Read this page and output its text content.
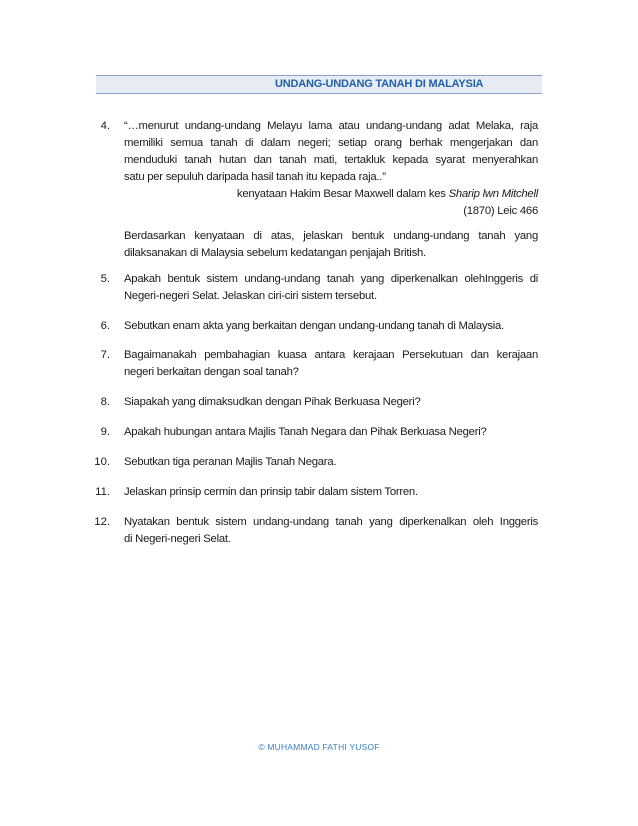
UNDANG-UNDANG TANAH DI MALAYSIA
4. “…menurut undang-undang Melayu lama atau undang-undang adat Melaka, raja
memiliki semua tanah di dalam negeri; setiap orang berhak mengerjakan dan
menduduki tanah hutan dan tanah mati, tertakluk kepada syarat menyerahkan
satu per sepuluh daripada hasil tanah itu kepada raja..”
kenyataan Hakim Besar Maxwell dalam kes Sharip lwn Mitchell
(1870) Leic 466
Berdasarkan kenyataan di atas, jelaskan bentuk undang-undang tanah yang
dilaksanakan di Malaysia sebelum kedatangan penjajah British.
5. Apakah bentuk sistem undang-undang tanah yang diperkenalkan olehInggeris di
Negeri-negeri Selat. Jelaskan ciri-ciri sistem tersebut.
6. Sebutkan enam akta yang berkaitan dengan undang-undang tanah di Malaysia.
7. Bagaimanakah pembahagian kuasa antara kerajaan Persekutuan dan kerajaan
negeri berkaitan dengan soal tanah?
8. Siapakah yang dimaksudkan dengan Pihak Berkuasa Negeri?
9. Apakah hubungan antara Majlis Tanah Negara dan Pihak Berkuasa Negeri?
10. Sebutkan tiga peranan Majlis Tanah Negara.
11. Jelaskan prinsip cermin dan prinsip tabir dalam sistem Torren.
12. Nyatakan bentuk sistem undang-undang tanah yang diperkenalkan oleh Inggeris
di Negeri-negeri Selat.
© MUHAMMAD FATHI YUSOF
